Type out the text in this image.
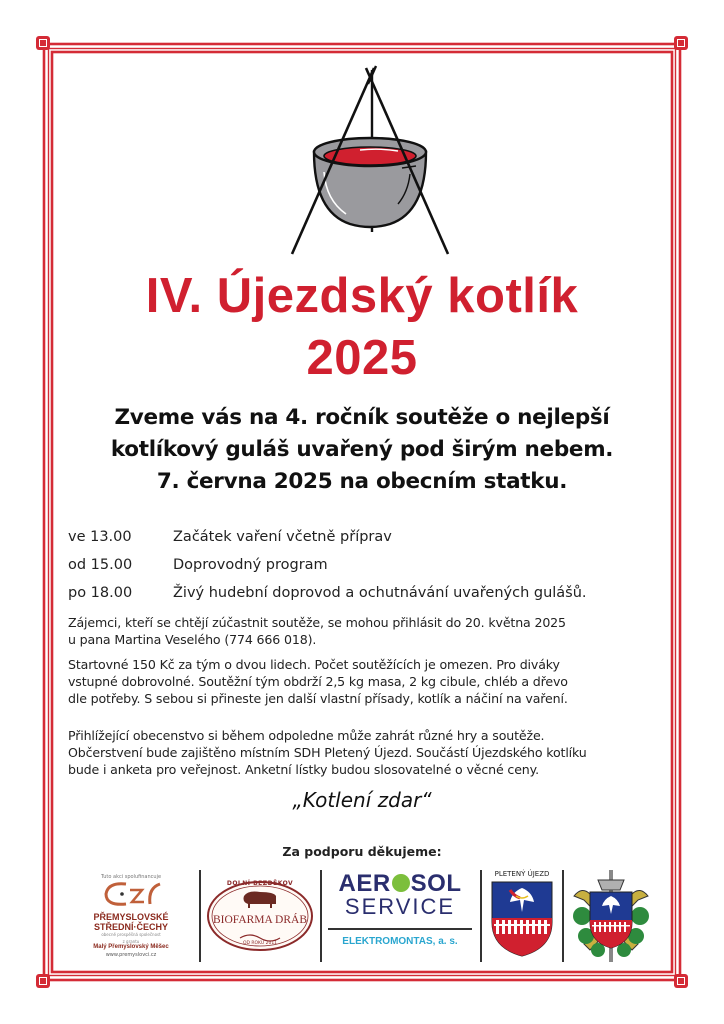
IV. Újezdský kotlík
2025
Zveme vás na 4. ročník soutěže o nejlepší
kotlíkový guláš uvařený pod širým nebem.
7. června 2025 na obecním statku.
ve 13.00	Začátek vaření včetně příprav
od 15.00	Doprovodný program
po 18.00	Živý hudební doprovod a ochutnávání uvařených gulášů.
Zájemci, kteří se chtějí zúčastnit soutěže, se mohou přihlásit do 20. května 2025
u pana Martina Veselého (774 666 018).
Startovné 150 Kč za tým o dvou lidech. Počet soutěžících je omezen. Pro diváky
vstupné dobrovolné. Soutěžní tým obdrží 2,5 kg masa, 2 kg cibule, chléb a dřevo
dle potřeby. S sebou si přineste jen další vlastní přísady, kotlík a náčiní na vaření.
Přihlížející obecenstvo si během odpoledne může zahrát různé hry a soutěže.
Občerstvení bude zajištěno místním SDH Pletený Újezd. Součástí Újezdského kotlíku
bude i anketa pro veřejnost. Anketní lístky budou slosovatelné o věcné ceny.
„Kotlení zdar“
Za podporu děkujeme:
Tuto akci spolufinancuje
PŘEMYSLOVSKÉ
STŘEDNÍ·ČECHY
obecně prospěšná společnost
z grantu
Malý Přemyslovský Měšec
www.premyslovci.cz
DOLNÍ BEZDĚKOV
BIOFARMA DRÁB
OD ROKU 2011
AER SOL
SERVICE
ELEKTROMONTAS, a. s.
PLETENÝ ÚJEZD
